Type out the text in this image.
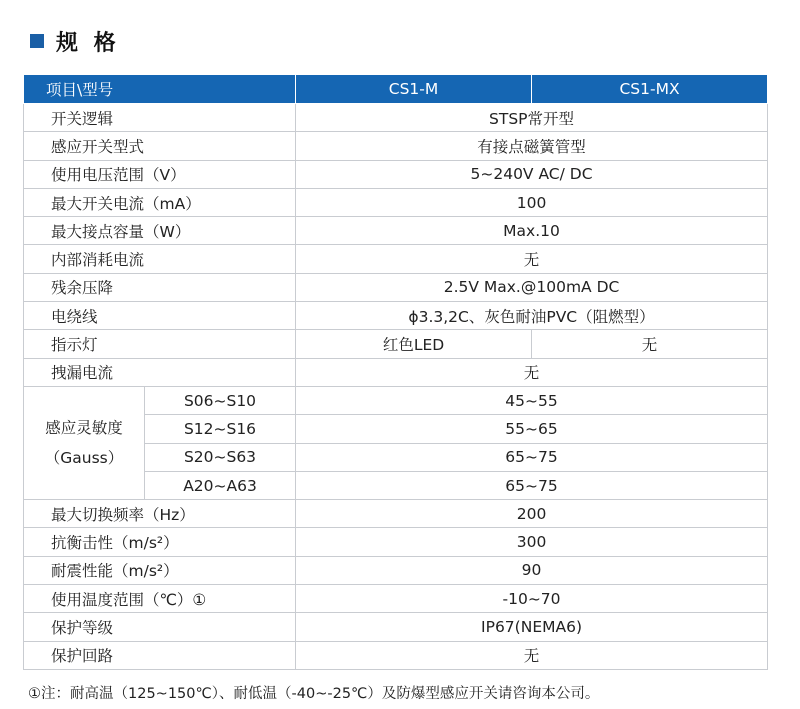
规 格
项目\型号		CS1-M	CS1-MX
开关逻辑		STSP常开型	
感应开关型式		有接点磁簧管型	
使用电压范围（V）		5~240V AC/ DC	
最大开关电流（mA）		100	
最大接点容量（W）		Max.10	
内部消耗电流		无	
残余压降		2.5V Max.@100mA DC	
电绕线		ϕ3.3,2C、灰色耐油PVC（阻燃型）	
指示灯		红色LED	无
拽漏电流		无	

感应灵敏度
（Gauss）	S06~S10	45~55	
	S12~S16	55~65	
	S20~S63	65~75	
	A20~A63	65~75	
最大切换频率（Hz）		200	
抗衡击性（m/s²）		300	
耐震性能（m/s²）		90	
使用温度范围（℃）①		-10~70	
保护等级		IP67(NEMA6)	
保护回路		无	
①注：耐高温（125~150℃）、耐低温（-40~-25℃）及防爆型感应开关请咨询本公司。
